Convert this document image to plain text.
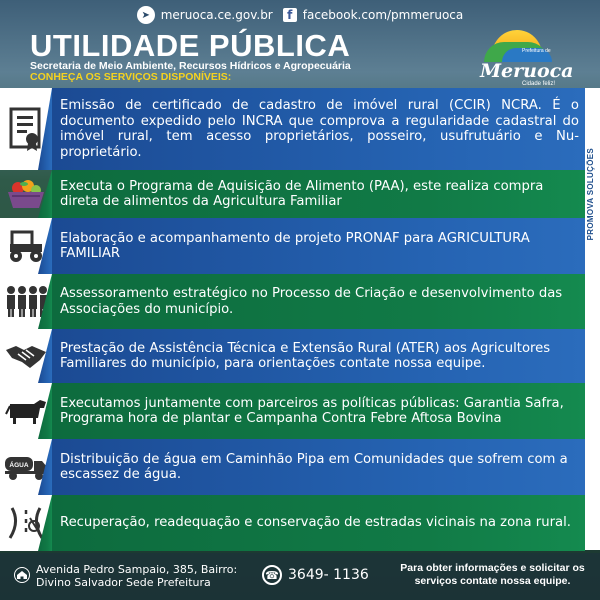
➤ meruoca.ce.gov.br	f facebook.com/pmmeruoca
UTILIDADE PÚBLICA
Secretaria de Meio Ambiente, Recursos Hídricos e Agropecuária
CONHEÇA OS SERVIÇOS DISPONÍVEIS:
Prefeitura de
Meruoca
Cidade feliz!
PROMOVA SOLUÇÕES
Emissão de certificado de cadastro de imóvel rural (CCIR) NCRA. É o documento expedido pelo INCRA que comprova a regularidade cadastral do imóvel rural, tem acesso proprietários, posseiro, usufrutuário e Nu-proprietário.
Executa o Programa de Aquisição de Alimento (PAA), este realiza compra direta de alimentos da Agricultura Familiar
Elaboração e acompanhamento de projeto PRONAF para AGRICULTURA FAMILIAR
Assessoramento estratégico no Processo de Criação e desenvolvimento das Associações do município.
Prestação de Assistência Técnica e Extensão Rural (ATER) aos Agricultores Familiares do município, para orientações contate nossa equipe.
Executamos juntamente com parceiros as políticas públicas: Garantia Safra, Programa hora de plantar e Campanha Contra Febre Aftosa Bovina
ÁGUA	Distribuição de água em Caminhão Pipa em Comunidades que sofrem com a escassez de água.
Recuperação, readequação e conservação de estradas vicinais na zona rural.
Avenida Pedro Sampaio, 385, Bairro:
Divino Salvador Sede Prefeitura
☎ 3649- 1136	Para obter informações e solicitar os serviços contate nossa equipe.
